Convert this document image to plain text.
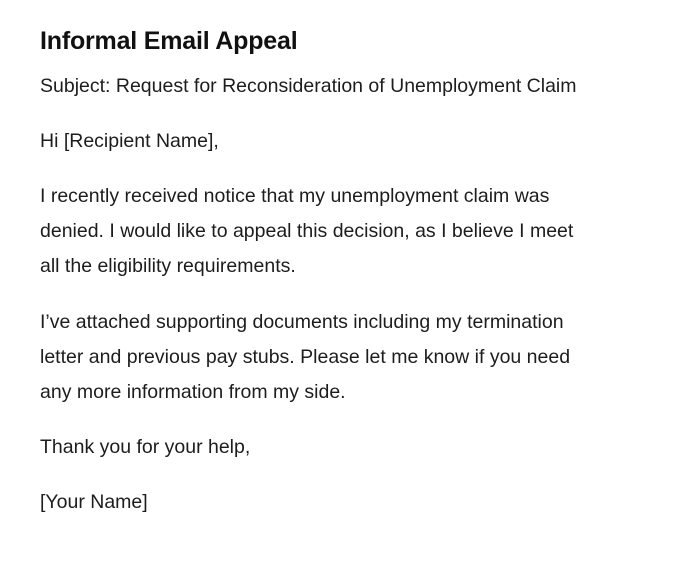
Informal Email Appeal

Subject: Request for Reconsideration of Unemployment Claim

Hi [Recipient Name],

I recently received notice that my unemployment claim was
denied. I would like to appeal this decision, as I believe I meet
all the eligibility requirements.

I’ve attached supporting documents including my termination
letter and previous pay stubs. Please let me know if you need
any more information from my side.

Thank you for your help,

[Your Name]
